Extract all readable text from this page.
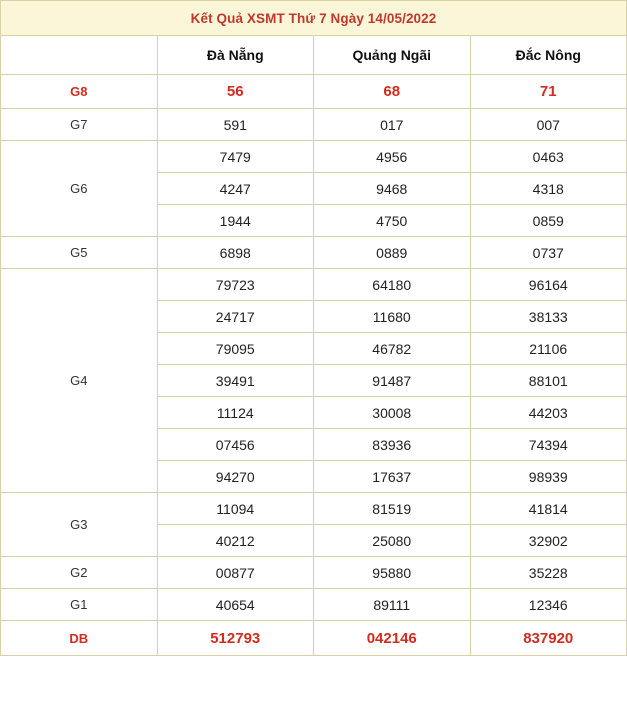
Kết Quả XSMT Thứ 7 Ngày 14/05/2022			
	Đà Nẵng	Quảng Ngãi	Đắc Nông
G8	56	68	71
G7	591	017	007
G6	7479	4956	0463
	4247	9468	4318
	1944	4750	0859
G5	6898	0889	0737
G4	79723	64180	96164
	24717	11680	38133
	79095	46782	21106
	39491	91487	88101
	11124	30008	44203
	07456	83936	74394
	94270	17637	98939
G3	11094	81519	41814
	40212	25080	32902
G2	00877	95880	35228
G1	40654	89111	12346
DB	512793	042146	837920
